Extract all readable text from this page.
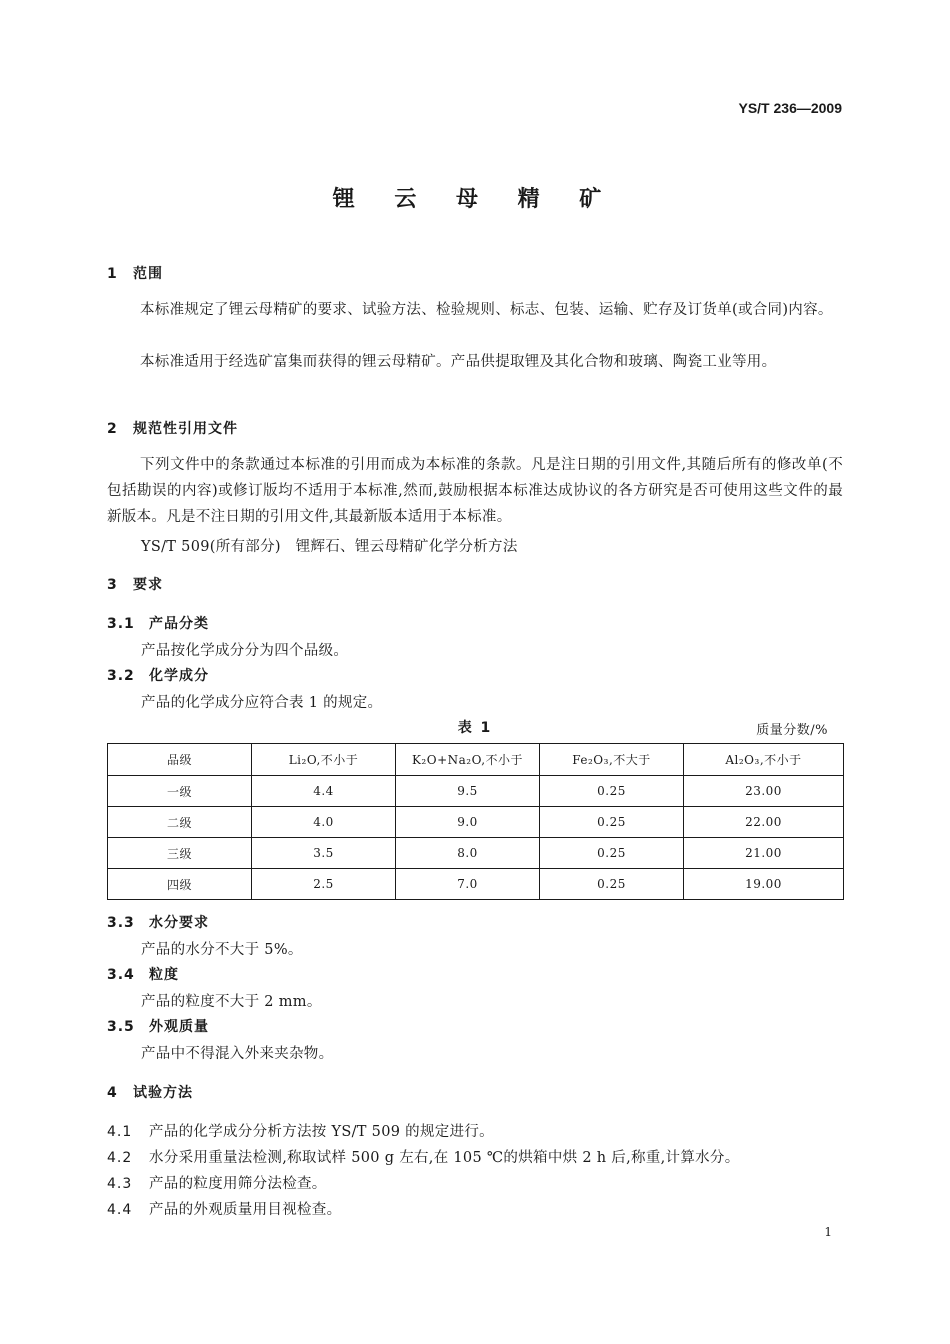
YS/T 236—2009
锂 云 母 精 矿
1 范围
本标准规定了锂云母精矿的要求、试验方法、检验规则、标志、包装、运输、贮存及订货单(或合同)内容。
本标准适用于经选矿富集而获得的锂云母精矿。产品供提取锂及其化合物和玻璃、陶瓷工业等用。
2 规范性引用文件
下列文件中的条款通过本标准的引用而成为本标准的条款。凡是注日期的引用文件,其随后所有的修改单(不包括勘误的内容)或修订版均不适用于本标准,然而,鼓励根据本标准达成协议的各方研究是否可使用这些文件的最新版本。凡是不注日期的引用文件,其最新版本适用于本标准。
YS/T 509(所有部分)　锂辉石、锂云母精矿化学分析方法
3 要求
3.1 产品分类
产品按化学成分分为四个品级。
3.2 化学成分
产品的化学成分应符合表 1 的规定。
表 1	质量分数/%
品级	Li₂O,不小于	K₂O+Na₂O,不小于	Fe₂O₃,不大于	Al₂O₃,不小于
一级	4.4	9.5	0.25	23.00
二级	4.0	9.0	0.25	22.00
三级	3.5	8.0	0.25	21.00
四级	2.5	7.0	0.25	19.00
3.3 水分要求
产品的水分不大于 5%。
3.4 粒度
产品的粒度不大于 2 mm。
3.5 外观质量
产品中不得混入外来夹杂物。
4 试验方法
4.1 产品的化学成分分析方法按 YS/T 509 的规定进行。
4.2 水分采用重量法检测,称取试样 500 g 左右,在 105 ℃的烘箱中烘 2 h 后,称重,计算水分。
4.3 产品的粒度用筛分法检查。
4.4 产品的外观质量用目视检查。
1
